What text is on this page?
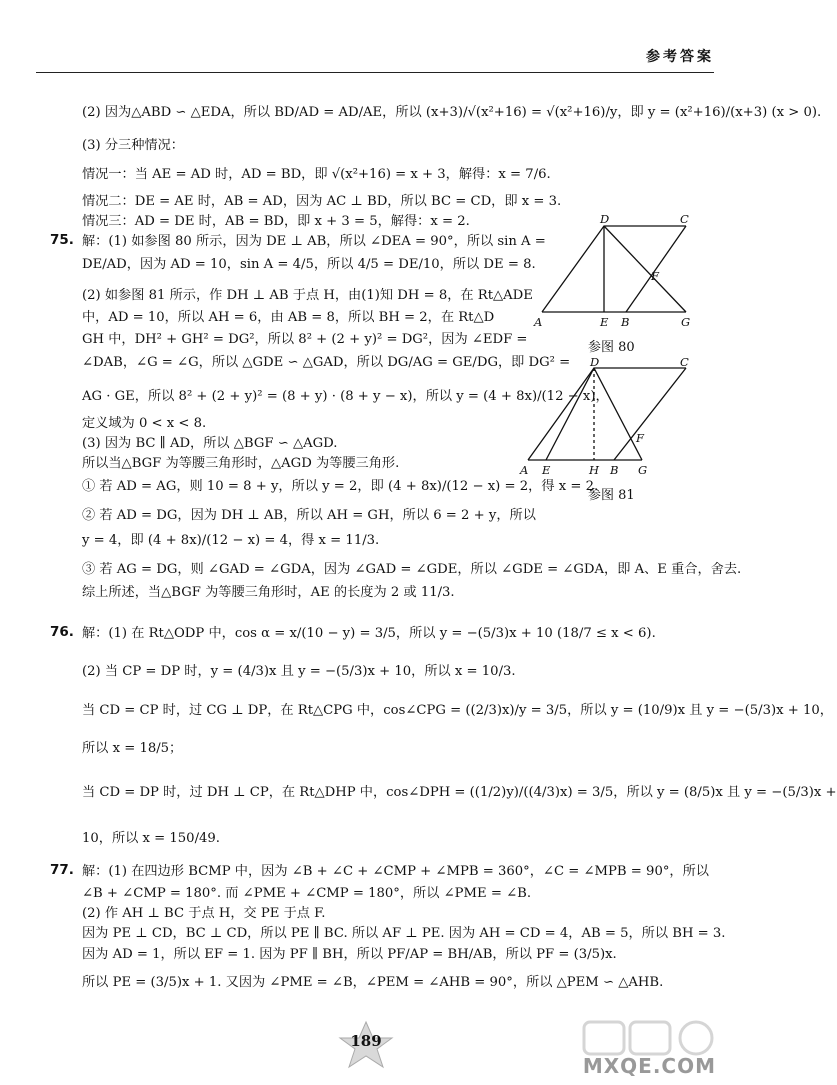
参考答案
(2) 因为△ABD ∽ △EDA，所以 BD/AD = AD/AE，所以 (x+3)/√(x²+16) = √(x²+16)/y，即 y = (x²+16)/(x+3) (x > 0).
(3) 分三种情况：
情况一：当 AE = AD 时，AD = BD，即 √(x²+16) = x + 3，解得：x = 7/6.
情况二：DE = AE 时，AB = AD，因为 AC ⊥ BD，所以 BC = CD，即 x = 3.
情况三：AD = DE 时，AB = BD，即 x + 3 = 5，解得：x = 2.
75. 解：(1) 如参图 80 所示，因为 DE ⊥ AB，所以 ∠DEA = 90°，所以 sin A =
DE/AD，因为 AD = 10，sin A = 4/5，所以 4/5 = DE/10，所以 DE = 8.
(2) 如参图 81 所示，作 DH ⊥ AB 于点 H，由(1)知 DH = 8，在 Rt△ADE
中，AD = 10，所以 AH = 6，由 AB = 8，所以 BH = 2，在 Rt△D
GH 中，DH² + GH² = DG²，所以 8² + (2 + y)² = DG²，因为 ∠EDF =
∠DAB，∠G = ∠G，所以 △GDE ∽ △GAD，所以 DG/AG = GE/DG，即 DG² =
AG · GE，所以 8² + (2 + y)² = (8 + y) · (8 + y − x)，所以 y = (4 + 8x)/(12 − x)，
定义域为 0 < x < 8.
(3) 因为 BC ∥ AD，所以 △BGF ∽ △AGD.
所以当△BGF 为等腰三角形时，△AGD 为等腰三角形.
① 若 AD = AG，则 10 = 8 + y，所以 y = 2，即 (4 + 8x)/(12 − x) = 2，得 x = 2.
② 若 AD = DG，因为 DH ⊥ AB，所以 AH = GH，所以 6 = 2 + y，所以
y = 4，即 (4 + 8x)/(12 − x) = 4，得 x = 11/3.
③ 若 AG = DG，则 ∠GAD = ∠GDA，因为 ∠GAD = ∠GDE，所以 ∠GDE = ∠GDA，即 A、E 重合，舍去.
综上所述，当△BGF 为等腰三角形时，AE 的长度为 2 或 11/3.
76. 解：(1) 在 Rt△ODP 中，cos α = x/(10 − y) = 3/5，所以 y = −(5/3)x + 10 (18/7 ≤ x < 6).
(2) 当 CP = DP 时，y = (4/3)x 且 y = −(5/3)x + 10，所以 x = 10/3.
当 CD = CP 时，过 CG ⊥ DP，在 Rt△CPG 中，cos∠CPG = ((2/3)x)/y = 3/5，所以 y = (10/9)x 且 y = −(5/3)x + 10，
所以 x = 18/5；
当 CD = DP 时，过 DH ⊥ CP，在 Rt△DHP 中，cos∠DPH = ((1/2)y)/((4/3)x) = 3/5，所以 y = (8/5)x 且 y = −(5/3)x +
10，所以 x = 150/49.
77. 解：(1) 在四边形 BCMP 中，因为 ∠B + ∠C + ∠CMP + ∠MPB = 360°，∠C = ∠MPB = 90°，所以
∠B + ∠CMP = 180°. 而 ∠PME + ∠CMP = 180°，所以 ∠PME = ∠B.
(2) 作 AH ⊥ BC 于点 H，交 PE 于点 F.
因为 PE ⊥ CD，BC ⊥ CD，所以 PE ∥ BC. 所以 AF ⊥ PE. 因为 AH = CD = 4，AB = 5，所以 BH = 3.
因为 AD = 1，所以 EF = 1. 因为 PF ∥ BH，所以 PF/AP = BH/AB，所以 PF = (3/5)x.
所以 PE = (3/5)x + 1. 又因为 ∠PME = ∠B，∠PEM = ∠AHB = 90°，所以 △PEM ∽ △AHB.
D	C
F
A	E B	G
参图 80
D	C
F
A E	H B G
参图 81
189
MXQE.COM
